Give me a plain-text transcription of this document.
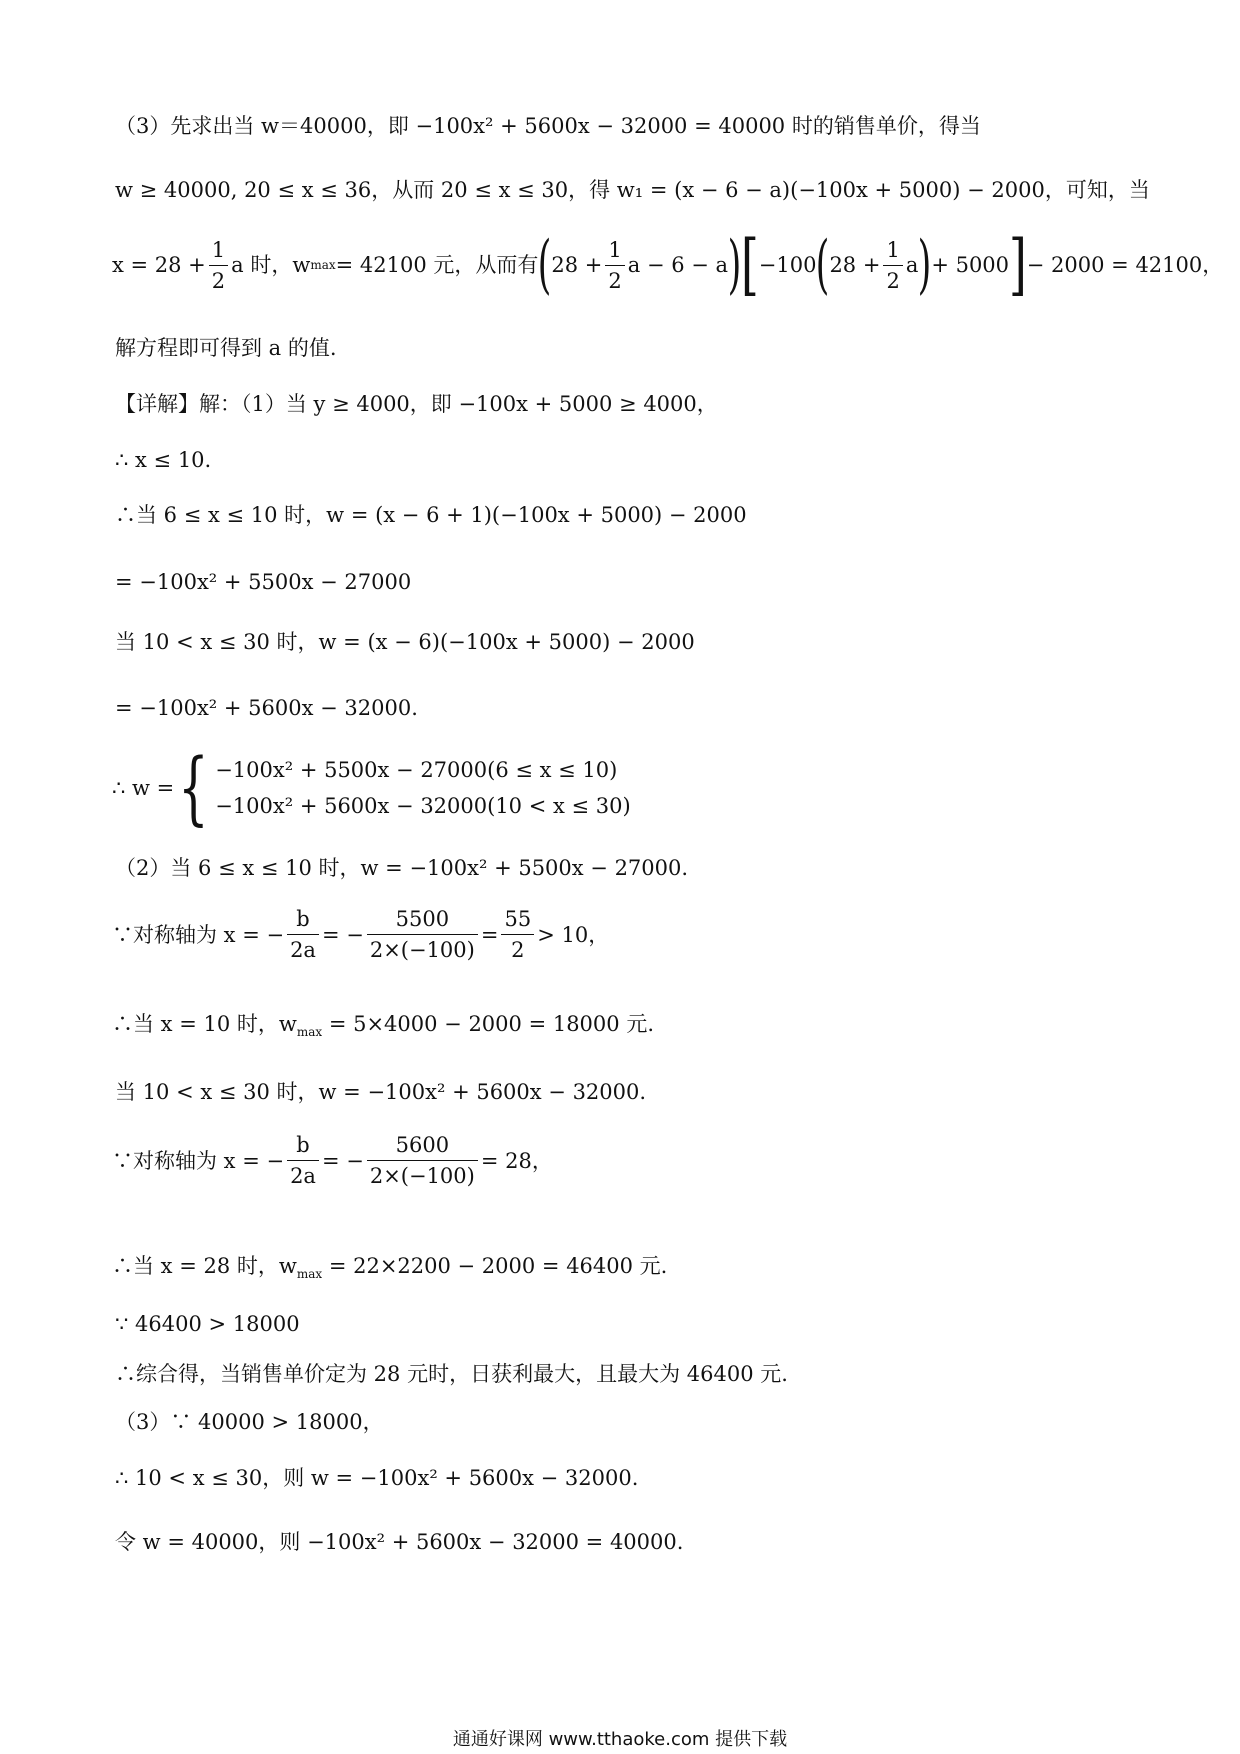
（3）先求出当 w＝40000，即 −100x² + 5600x − 32000 = 40000 时的销售单价，得当
w ≥ 40000, 20 ≤ x ≤ 36，从而 20 ≤ x ≤ 30，得 w₁ = (x − 6 − a)(−100x + 5000) − 2000，可知，当
$x = 28 + \frac{1}{2}$ a 时，w max = 42100 元，从而有 ( $28 + \frac{1}{2}$ a − 6 − a ) [ −100 ( $28 + \frac{1}{2}$ a ) + 5000 ] − 2000 = 42100，
解方程即可得到 a 的值.
【详解】解：（1）当 y ≥ 4000，即 −100x + 5000 ≥ 4000，
∴ x ≤ 10.
∴当 6 ≤ x ≤ 10 时，w = (x − 6 + 1)(−100x + 5000) − 2000
= −100x² + 5500x − 27000
当 10 < x ≤ 30 时，w = (x − 6)(−100x + 5000) − 2000
= −100x² + 5600x − 32000.
∴ w = { −100x² + 5500x − 27000(6 ≤ x ≤ 10)
−100x² + 5600x − 32000(10 < x ≤ 30)
（2）当 6 ≤ x ≤ 10 时，w = −100x² + 5500x − 27000.
∵对称轴为 x = − $\frac{b}{2a}$ = − $\frac{5500}{2\times(-100)} = \frac{55}{2} > 10$，
∴当 x = 10 时，$w_{max} = 5\times 4000 - 2000 = 18000$ 元.
当 10 < x ≤ 30 时，w = −100x² + 5600x − 32000.
∵对称轴为 x = − $\frac{b}{2a}$ = − $\frac{5600}{2\times(-100)} = 28$，
∴当 x = 28 时，$w_{max} = 22\times 2200 - 2000 = 46400$ 元.
∵ 46400 > 18000
∴综合得，当销售单价定为 28 元时，日获利最大，且最大为 46400 元.
（3）∵ 40000 > 18000，
∴ 10 < x ≤ 30，则 w = −100x² + 5600x − 32000.
令 w = 40000，则 −100x² + 5600x − 32000 = 40000.
通通好课网 www.tthaoke.com 提供下载
